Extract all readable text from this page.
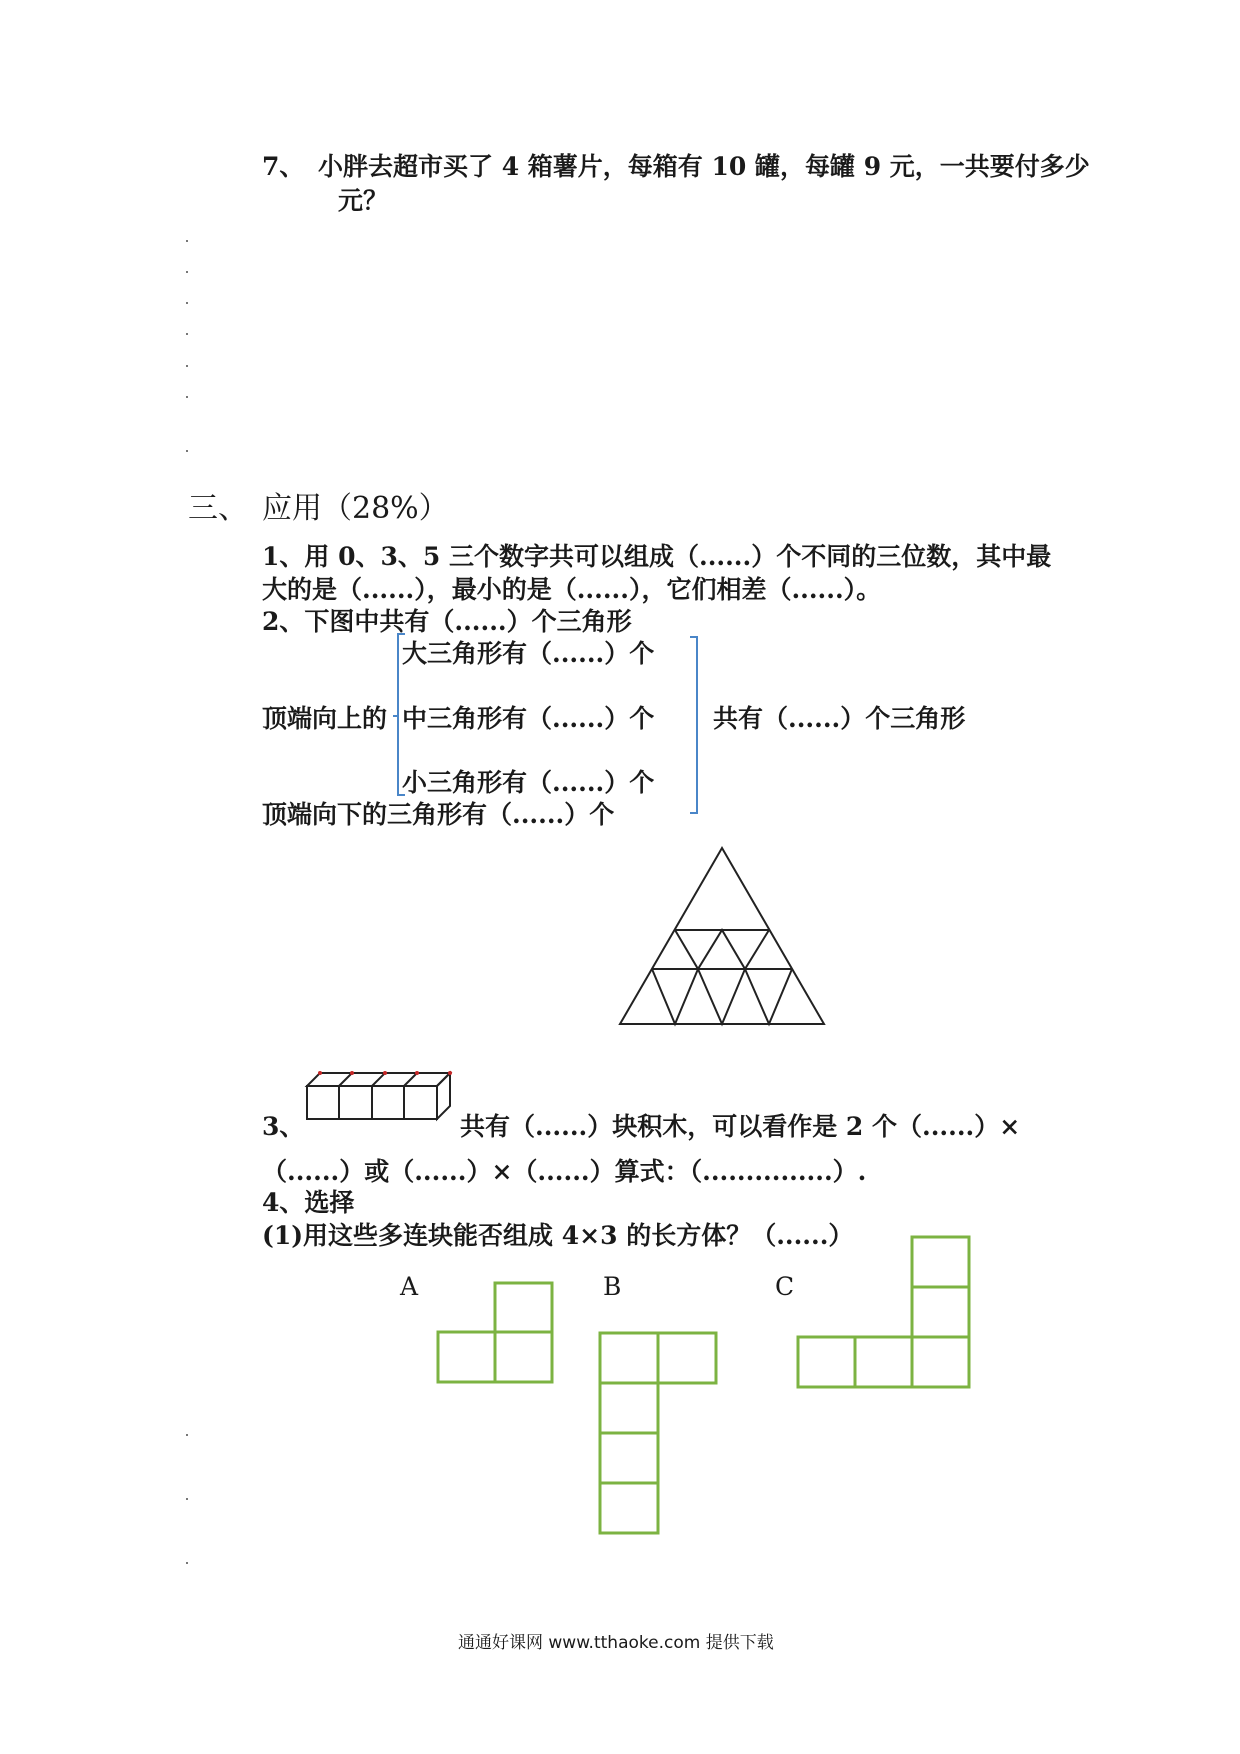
7、 小胖去超市买了 4 箱薯片，每箱有 10 罐，每罐 9 元，一共要付多少
元？
三、 应用（28%）
1、用 0、3、5 三个数字共可以组成（......）个不同的三位数，其中最
大的是（......），最小的是（......），它们相差（......）。
2、下图中共有（......）个三角形
大三角形有（......）个
顶端向上的 中三角形有（......）个 共有（......）个三角形
小三角形有（......）个
顶端向下的三角形有（......）个
3、	共有（......）块积木，可以看作是 2 个（......）×
（......）或（......）×（......）算式：（...............）.
4、选择
(1)用这些多连块能否组成 4×3 的长方体？（......）
A	B	C
通通好课网 www.tthaoke.com 提供下载
